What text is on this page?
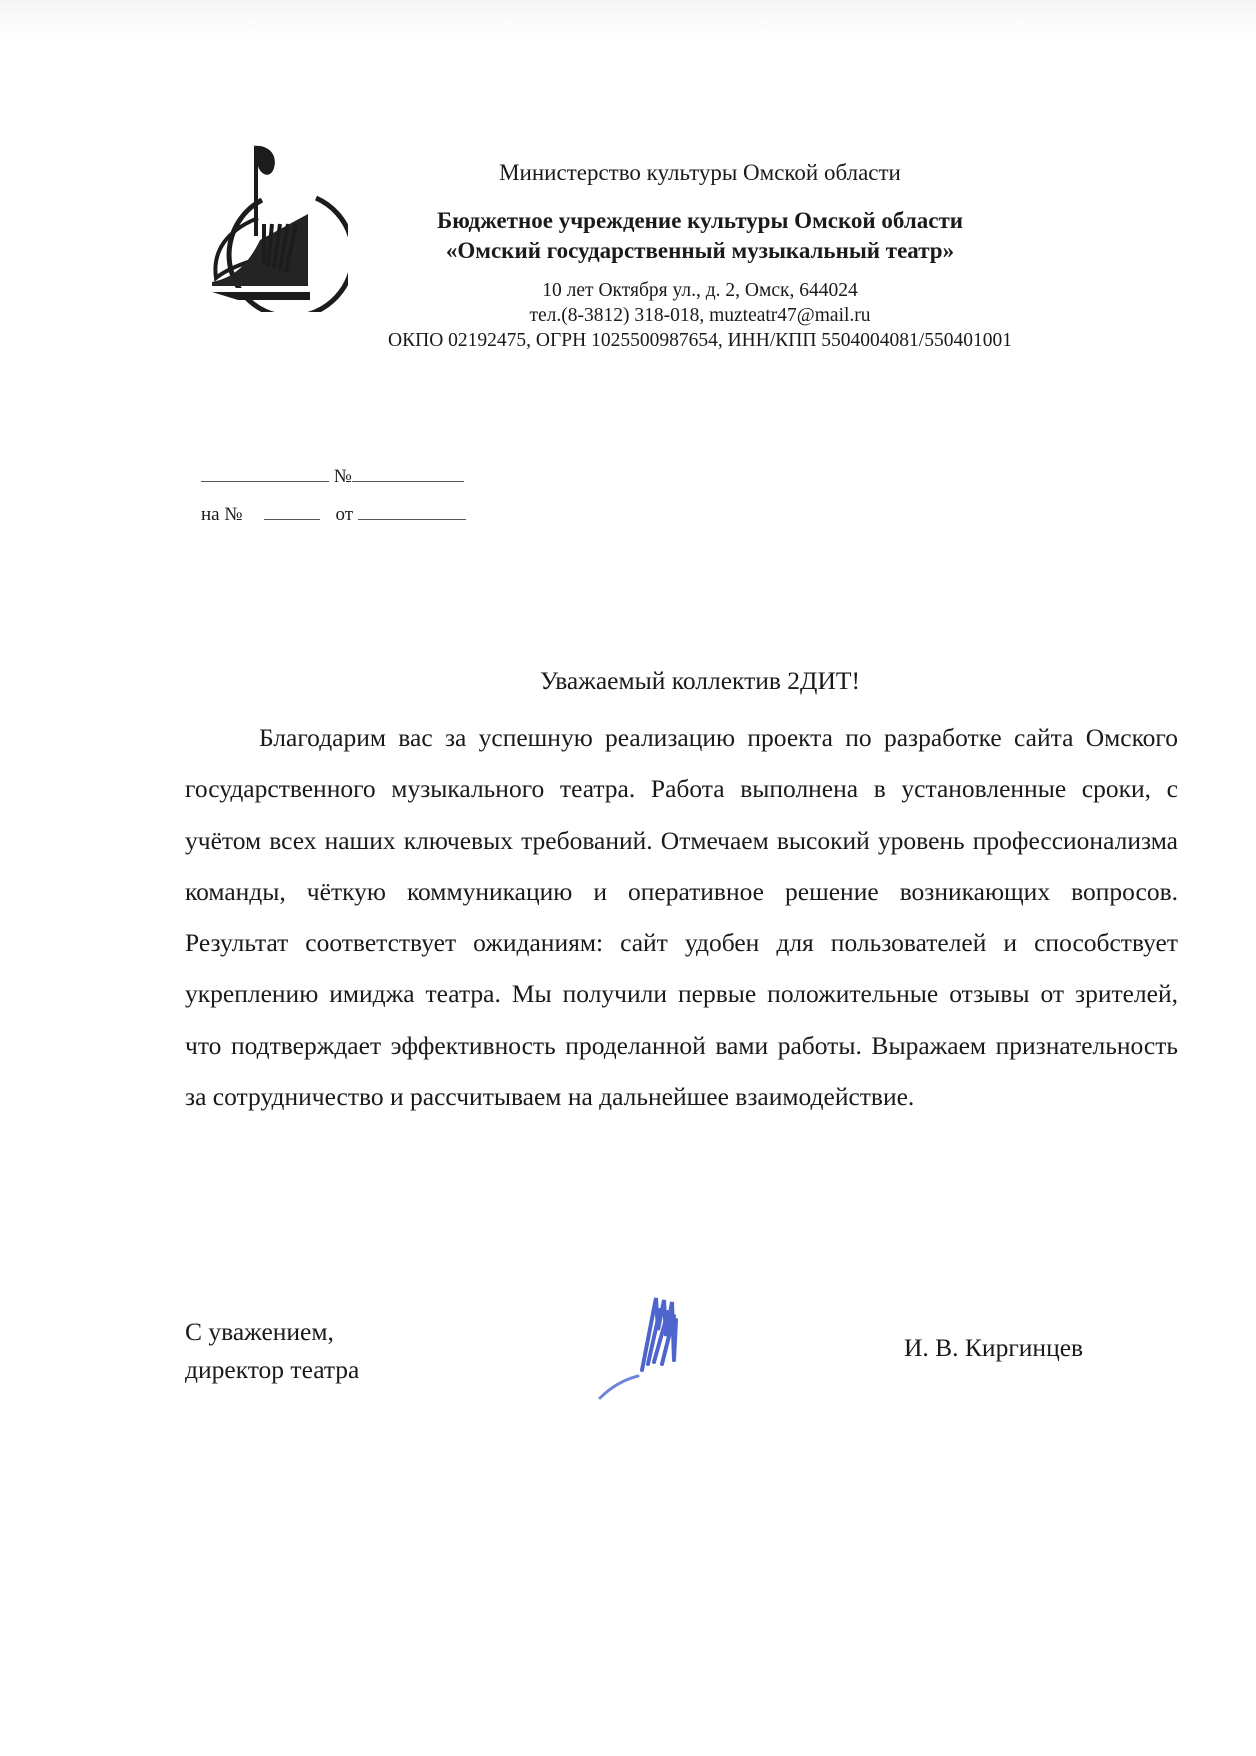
Министерство культуры Омской области
Бюджетное учреждение культуры Омской области
«Омский государственный музыкальный театр»
10 лет Октября ул., д. 2, Омск, 644024
тел.(8-3812) 318-018, muzteatr47@mail.ru
ОКПО 02192475, ОГРН 1025500987654, ИНН/КПП 5504004081/550401001
№
на №	от
Уважаемый коллектив 2ДИТ!

Благодарим вас за успешную реализацию проекта по разработке сайта Омского государственного музыкального театра. Работа выполнена в установленные сроки, с учётом всех наших ключевых требований. Отмечаем высокий уровень профессионализма команды, чёткую коммуникацию и оперативное решение возникающих вопросов. Результат соответствует ожиданиям: сайт удобен для пользователей и способствует укреплению имиджа театра. Мы получили первые положительные отзывы от зрителей, что подтверждает эффективность проделанной вами работы. Выражаем признательность за сотрудничество и рассчитываем на дальнейшее взаимодействие.

С уважением,
директор театра
И. В. Киргинцев
